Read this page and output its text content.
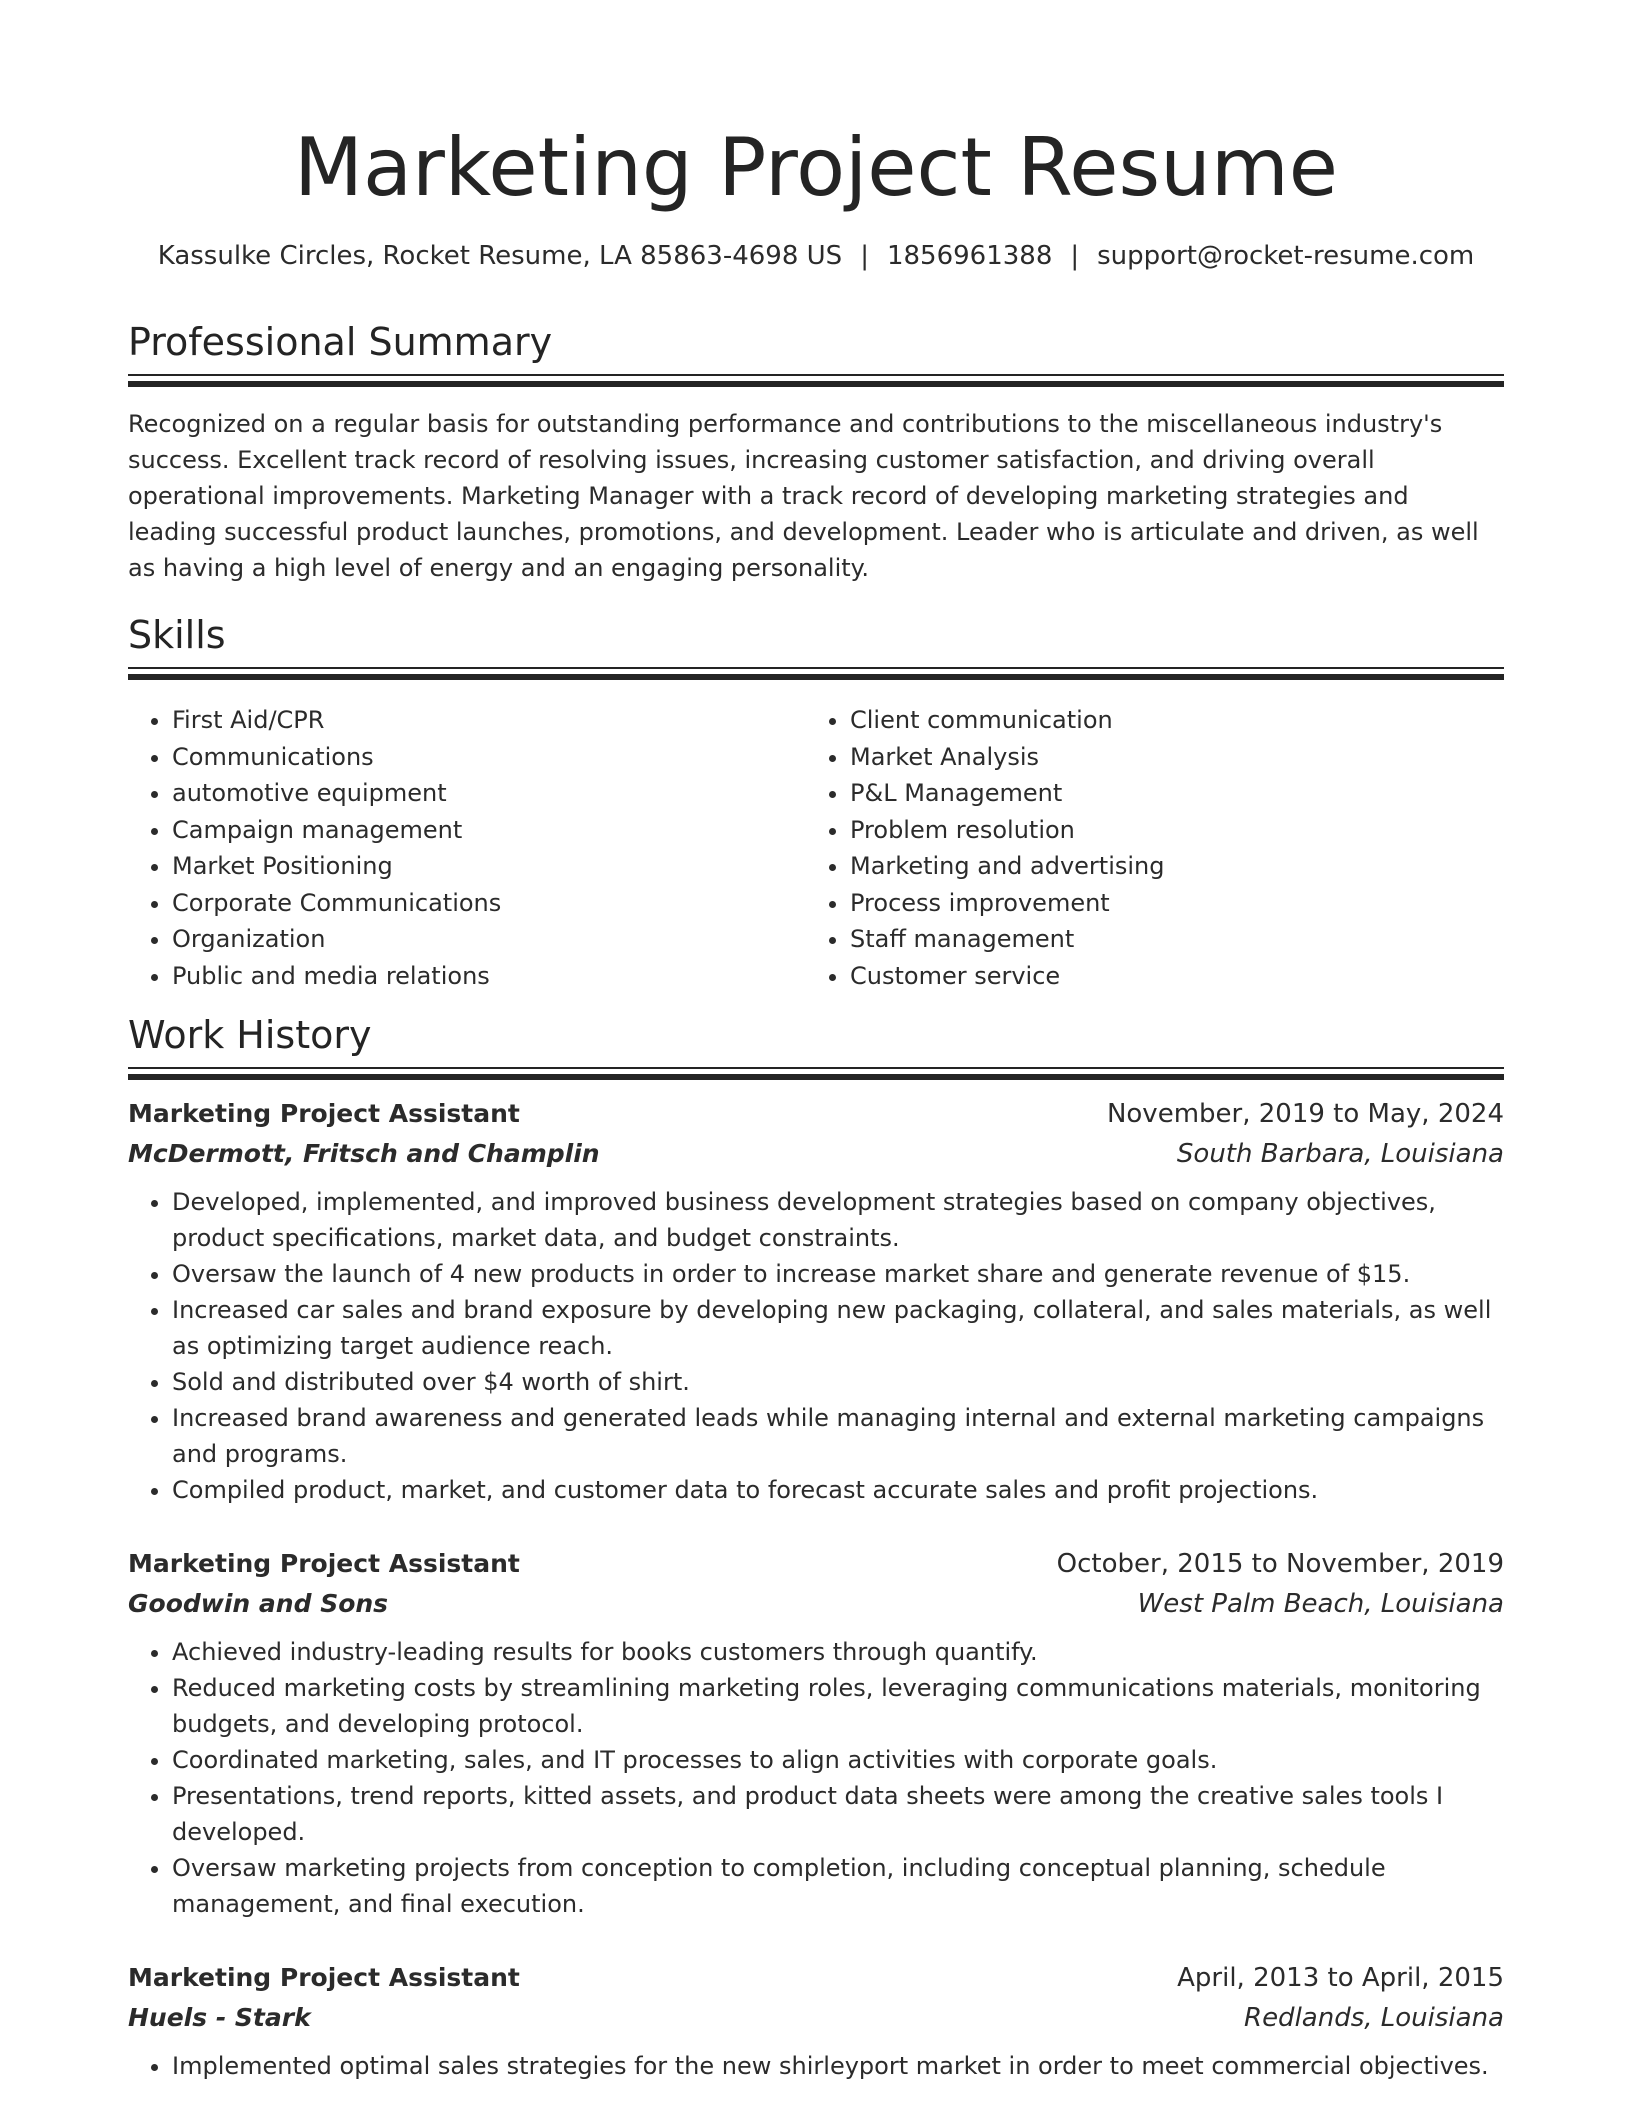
Marketing Project Resume
Kassulke Circles, Rocket Resume, LA 85863-4698 US | 1856961388 | support@rocket-resume.com
Professional Summary

Recognized on a regular basis for outstanding performance and contributions to the miscellaneous industry's success. Excellent track record of resolving issues, increasing customer satisfaction, and driving overall operational improvements. Marketing Manager with a track record of developing marketing strategies and leading successful product launches, promotions, and development. Leader who is articulate and driven, as well as having a high level of energy and an engaging personality.

Skills
• First Aid/CPR
• Communications
• automotive equipment
• Campaign management
• Market Positioning
• Corporate Communications
• Organization
• Public and media relations
• Client communication
• Market Analysis
• P&L Management
• Problem resolution
• Marketing and advertising
• Process improvement
• Staff management
• Customer service
Work History
Marketing Project Assistant	November, 2019 to May, 2024
McDermott, Fritsch and Champlin	South Barbara, Louisiana
• Developed, implemented, and improved business development strategies based on company objectives, product specifications, market data, and budget constraints.
• Oversaw the launch of 4 new products in order to increase market share and generate revenue of $15.
• Increased car sales and brand exposure by developing new packaging, collateral, and sales materials, as well as optimizing target audience reach.
• Sold and distributed over $4 worth of shirt.
• Increased brand awareness and generated leads while managing internal and external marketing campaigns and programs.
• Compiled product, market, and customer data to forecast accurate sales and profit projections.
Marketing Project Assistant	October, 2015 to November, 2019
Goodwin and Sons	West Palm Beach, Louisiana
• Achieved industry-leading results for books customers through quantify.
• Reduced marketing costs by streamlining marketing roles, leveraging communications materials, monitoring budgets, and developing protocol.
• Coordinated marketing, sales, and IT processes to align activities with corporate goals.
• Presentations, trend reports, kitted assets, and product data sheets were among the creative sales tools I developed.
• Oversaw marketing projects from conception to completion, including conceptual planning, schedule management, and final execution.
Marketing Project Assistant	April, 2013 to April, 2015
Huels - Stark	Redlands, Louisiana
• Implemented optimal sales strategies for the new shirleyport market in order to meet commercial objectives.
